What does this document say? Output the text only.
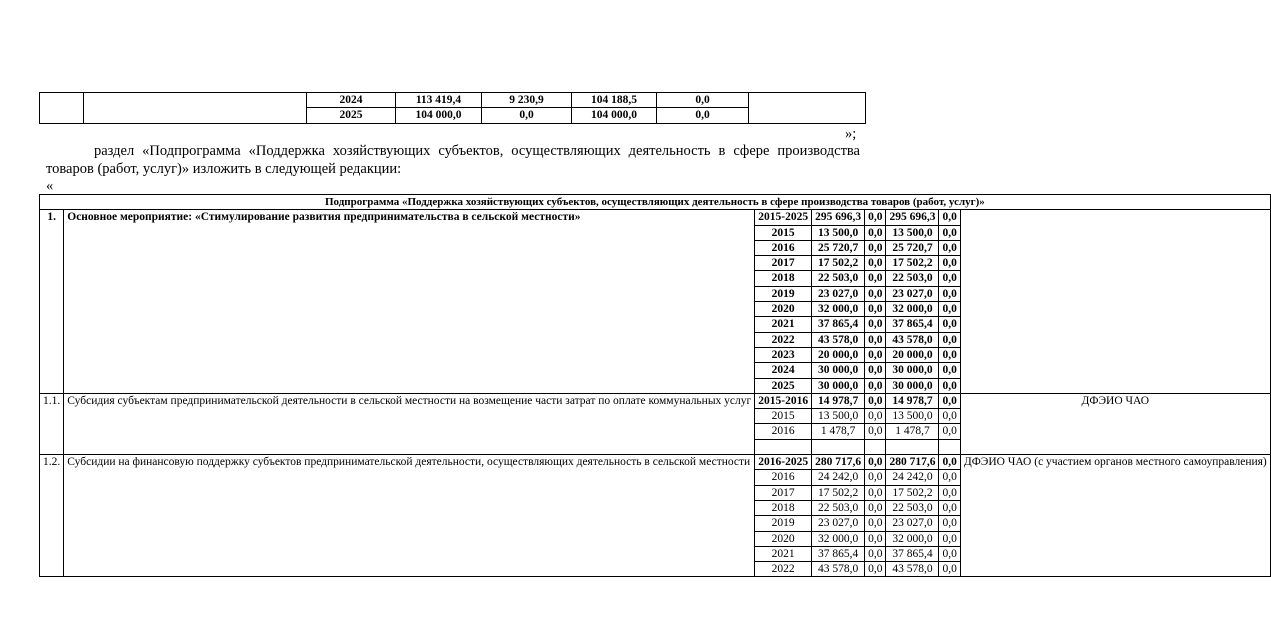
		2024	113 419,4	9 230,9	104 188,5	0,0	
		2025	104 000,0	0,0	104 000,0	0,0	
»;
раздел «Подпрограмма «Поддержка хозяйствующих субъектов, осуществляющих деятельность в сфере производства товаров (работ, услуг)» изложить в следующей редакции:
«
Подпрограмма «Поддержка хозяйствующих субъектов, осуществляющих деятельность в сфере производства товаров (работ, услуг)»							
1.	Основное мероприятие: «Стимулирование развития предпринимательства в сельской местности»	2015-2025	295 696,3	0,0	295 696,3	0,0	
		2015	13 500,0	0,0	13 500,0	0,0	
		2016	25 720,7	0,0	25 720,7	0,0	
		2017	17 502,2	0,0	17 502,2	0,0	
		2018	22 503,0	0,0	22 503,0	0,0	
		2019	23 027,0	0,0	23 027,0	0,0	
		2020	32 000,0	0,0	32 000,0	0,0	
		2021	37 865,4	0,0	37 865,4	0,0	
		2022	43 578,0	0,0	43 578,0	0,0	
		2023	20 000,0	0,0	20 000,0	0,0	
		2024	30 000,0	0,0	30 000,0	0,0	
		2025	30 000,0	0,0	30 000,0	0,0	
1.1.	Субсидия субъектам предпринимательской деятельности в сельской местности на возмещение части затрат по оплате коммунальных услуг	2015-2016	14 978,7	0,0	14 978,7	0,0	ДФЭИО ЧАО
		2015	13 500,0	0,0	13 500,0	0,0	
		2016	1 478,7	0,0	1 478,7	0,0	

1.2.	Субсидии на финансовую поддержку субъектов предпринимательской деятельности, осуществляющих деятельность в сельской местности	2016-2025	280 717,6	0,0	280 717,6	0,0	ДФЭИО ЧАО (с участием органов местного самоуправления)
		2016	24 242,0	0,0	24 242,0	0,0	
		2017	17 502,2	0,0	17 502,2	0,0	
		2018	22 503,0	0,0	22 503,0	0,0	
		2019	23 027,0	0,0	23 027,0	0,0	
		2020	32 000,0	0,0	32 000,0	0,0	
		2021	37 865,4	0,0	37 865,4	0,0	
		2022	43 578,0	0,0	43 578,0	0,0	
